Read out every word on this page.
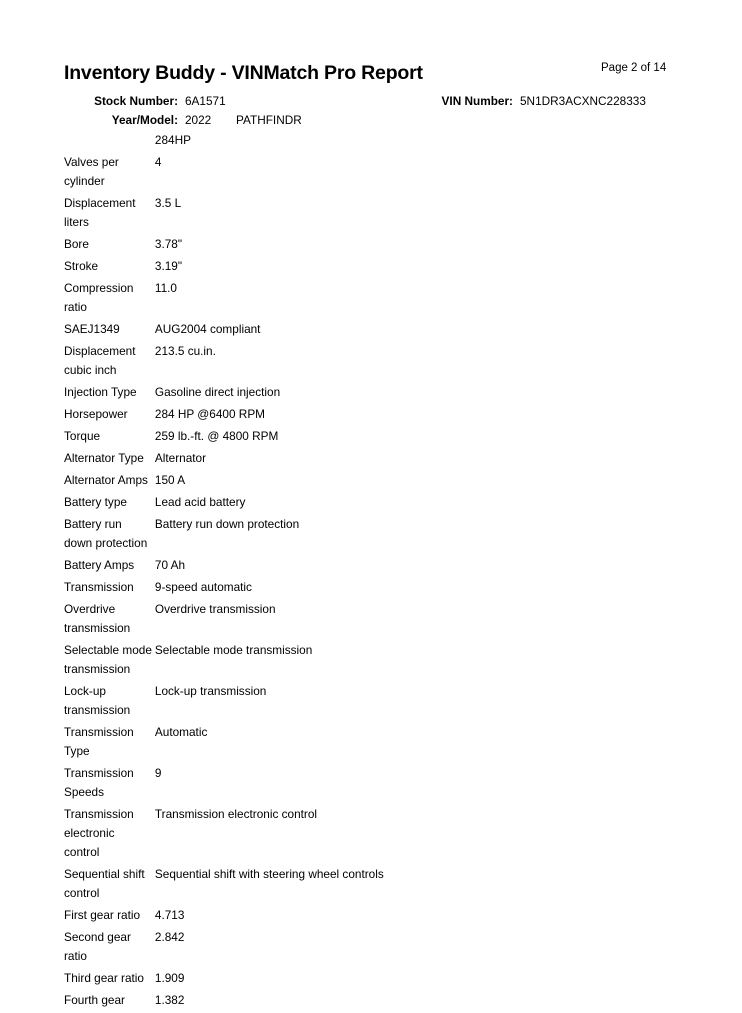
Inventory Buddy - VINMatch Pro Report	Page 2 of 14
Stock Number: 6A1571	VIN Number: 5N1DR3ACXNC228333
Year/Model: 2022 PATHFINDR
	284HP
Valves per cylinder	4
Displacement liters	3.5 L
Bore	3.78"
Stroke	3.19"
Compression ratio	11.0
SAEJ1349	AUG2004 compliant
Displacement cubic inch	213.5 cu.in.
Injection Type	Gasoline direct injection
Horsepower	284 HP @6400 RPM
Torque	259 lb.-ft. @ 4800 RPM
Alternator Type	Alternator
Alternator Amps	150 A
Battery type	Lead acid battery
Battery run down protection	Battery run down protection
Battery Amps	70 Ah
Transmission	9-speed automatic
Overdrive transmission	Overdrive transmission
Selectable mode transmission	Selectable mode transmission
Lock-up transmission	Lock-up transmission
Transmission Type	Automatic
Transmission Speeds	9
Transmission electronic control	Transmission electronic control
Sequential shift control	Sequential shift with steering wheel controls
First gear ratio	4.713
Second gear ratio	2.842
Third gear ratio	1.909
Fourth gear	1.382
